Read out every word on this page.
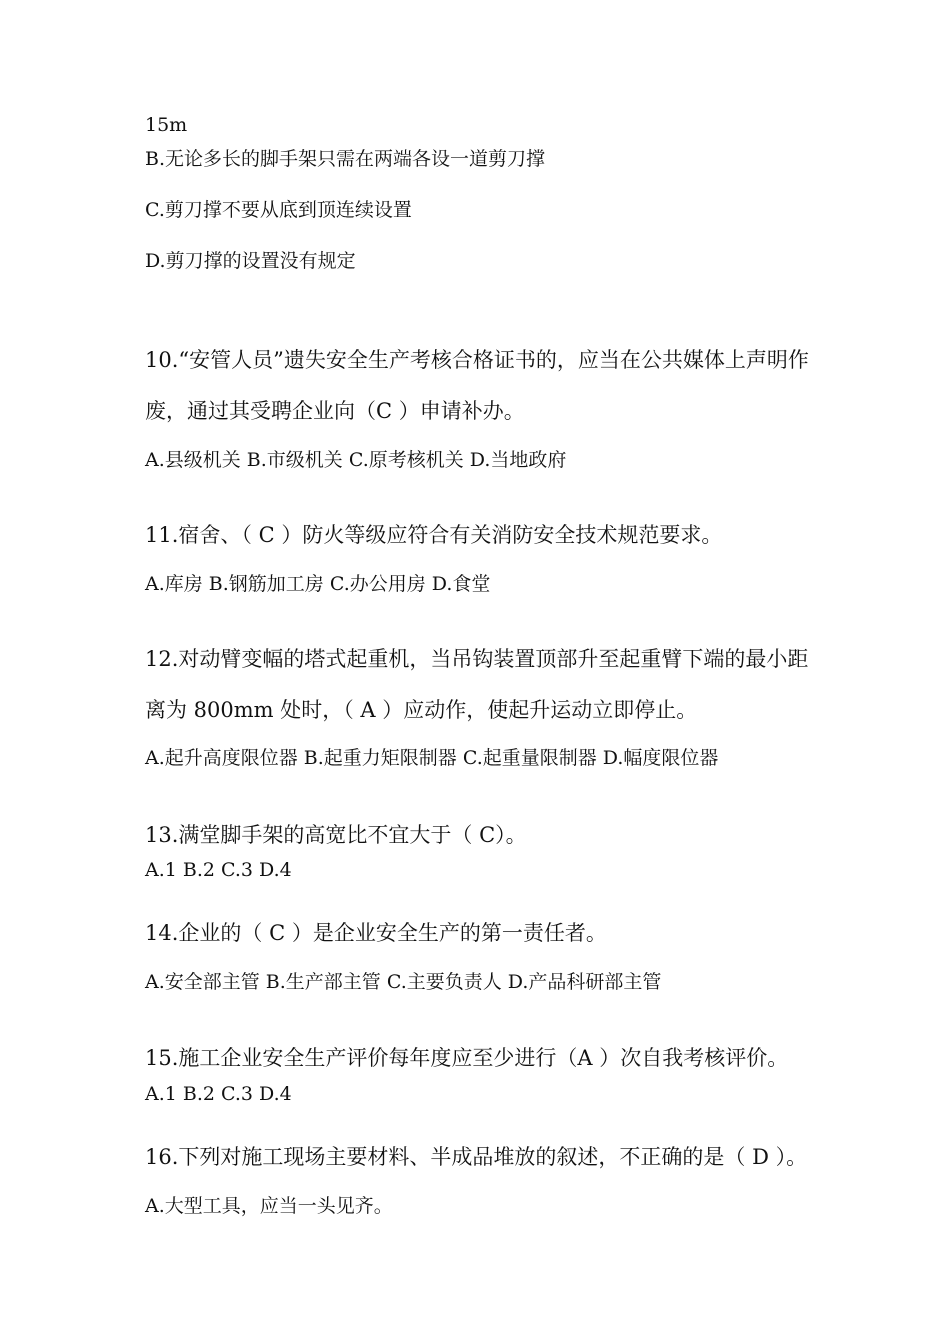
15m
B.无论多长的脚手架只需在两端各设一道剪刀撑
C.剪刀撑不要从底到顶连续设置
D.剪刀撑的设置没有规定
10.“安管人员”遗失安全生产考核合格证书的，应当在公共媒体上声明作
废，通过其受聘企业向（C ）申请补办。
A.县级机关 B.市级机关 C.原考核机关 D.当地政府
11.宿舍、（ C ）防火等级应符合有关消防安全技术规范要求。
A.库房 B.钢筋加工房 C.办公用房 D.食堂
12.对动臂变幅的塔式起重机，当吊钩装置顶部升至起重臂下端的最小距
离为 800mm 处时，（ A ）应动作，使起升运动立即停止。
A.起升高度限位器 B.起重力矩限制器 C.起重量限制器 D.幅度限位器
13.满堂脚手架的高宽比不宜大于（ C）。
A.1 B.2 C.3 D.4
14.企业的（ C ）是企业安全生产的第一责任者。
A.安全部主管 B.生产部主管 C.主要负责人 D.产品科研部主管
15.施工企业安全生产评价每年度应至少进行（A ）次自我考核评价。
A.1 B.2 C.3 D.4
16.下列对施工现场主要材料、半成品堆放的叙述，不正确的是（ D ）。
A.大型工具，应当一头见齐。
